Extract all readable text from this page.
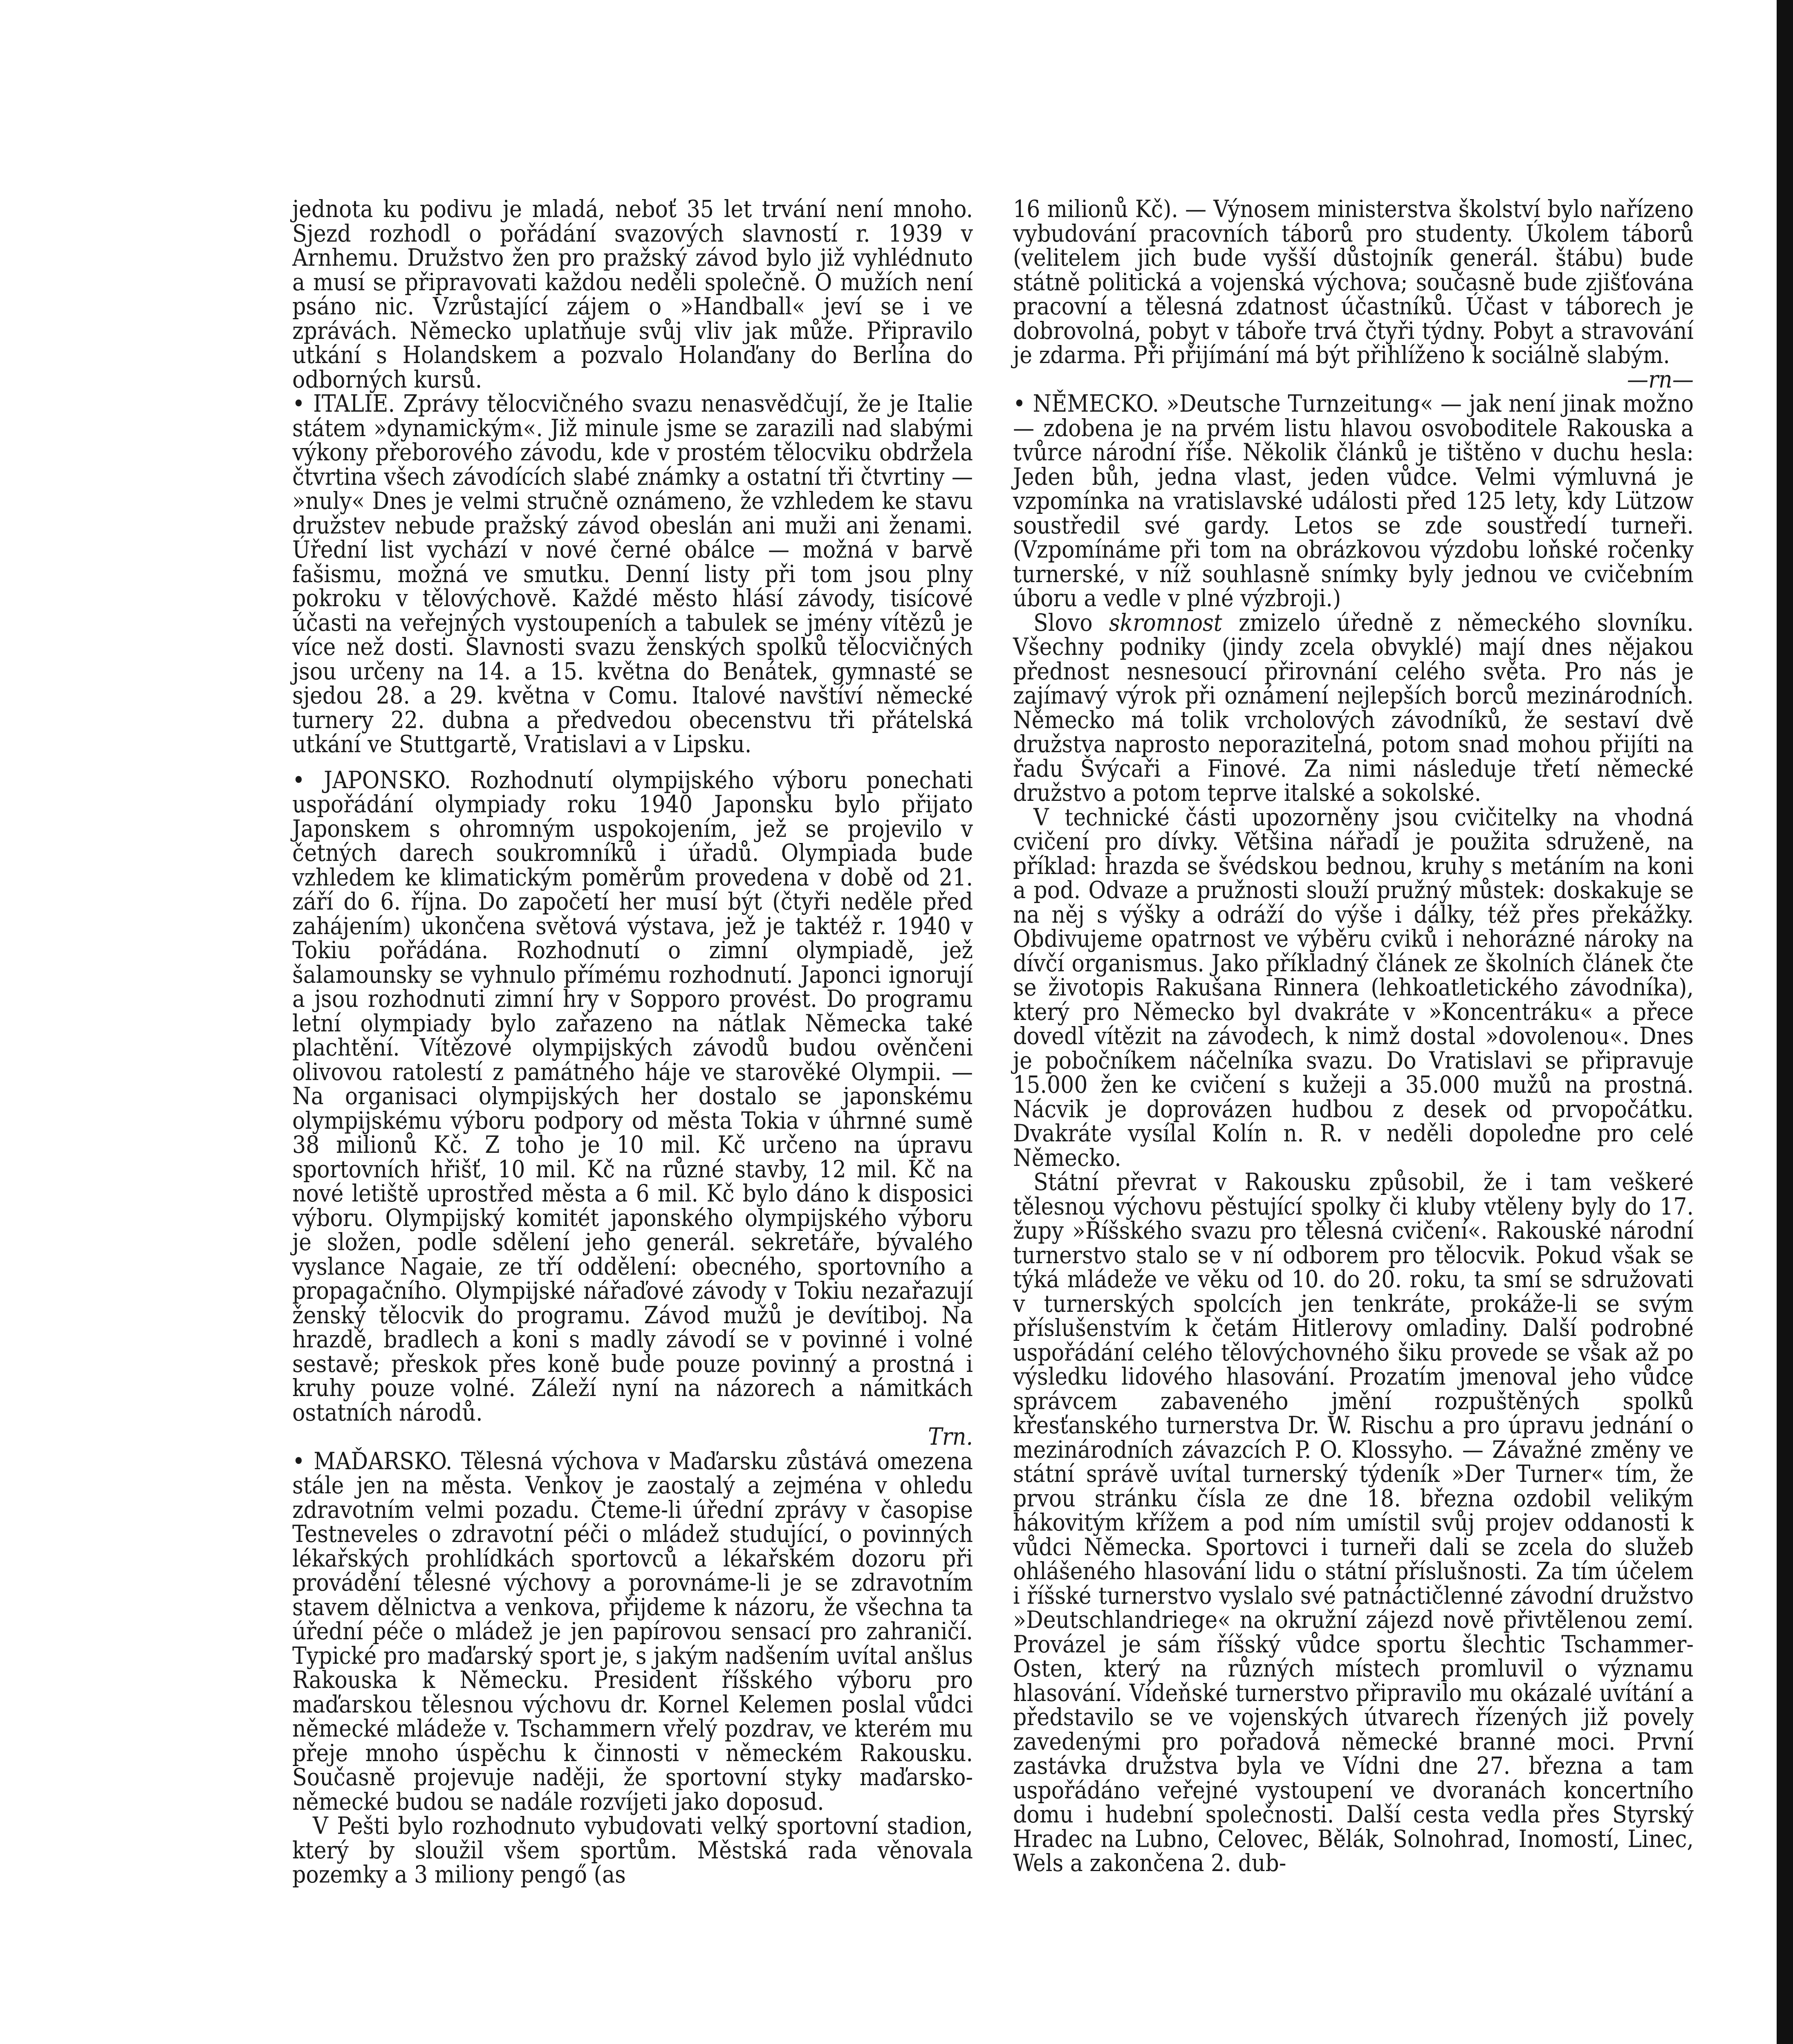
jednota ku podivu je mladá, neboť 35 let trvání není mnoho. Sjezd rozhodl o pořádání svazových slavností r. 1939 v Arnhemu. Družstvo žen pro pražský závod bylo již vyhlédnuto a musí se připravovati každou neděli společně. O mužích není psáno nic. Vzrůstající zájem o »Handball« jeví se i ve zprávách. Německo uplatňuje svůj vliv jak může. Připravilo utkání s Holandskem a pozvalo Holanďany do Berlína do odborných kursů.

• ITALIE. Zprávy tělocvičného svazu nenasvědčují, že je Italie státem »dynamickým«. Již minule jsme se zarazili nad slabými výkony přeborového závodu, kde v prostém tělocviku obdržela čtvrtina všech závodících slabé známky a ostatní tři čtvrtiny — »nuly« Dnes je velmi stručně oznámeno, že vzhledem ke stavu družstev nebude pražský závod obeslán ani muži ani ženami. Úřední list vychází v nové černé obálce — možná v barvě fašismu, možná ve smutku. Denní listy při tom jsou plny pokroku v tělovýchově. Každé město hlásí závody, tisícové účasti na veřejných vystoupeních a tabulek se jmény vítězů je více než dosti. Slavnosti svazu ženských spolků tělocvičných jsou určeny na 14. a 15. května do Benátek, gymnasté se sjedou 28. a 29. května v Comu. Italové navštíví německé turnery 22. dubna a předvedou obecenstvu tři přátelská utkání ve Stuttgartě, Vratislavi a v Lipsku.

• JAPONSKO. Rozhodnutí olympijského výboru ponechati uspořádání olympiady roku 1940 Japonsku bylo přijato Japonskem s ohromným uspokojením, jež se projevilo v četných darech soukromníků i úřadů. Olympiada bude vzhledem ke klimatickým poměrům provedena v době od 21. září do 6. října. Do započetí her musí být (čtyři neděle před zahájením) ukončena světová výstava, jež je taktéž r. 1940 v Tokiu pořádána. Rozhodnutí o zimní olympiadě, jež šalamounsky se vyhnulo přímému rozhodnutí. Japonci ignorují a jsou rozhodnuti zimní hry v Sopporo provést. Do programu letní olympiady bylo zařazeno na nátlak Německa také plachtění. Vítězové olympijských závodů budou ověnčeni olivovou ratolestí z památného háje ve starověké Olympii. — Na organisaci olympijských her dostalo se japonskému olympijskému výboru podpory od města Tokia v úhrnné sumě 38 milionů Kč. Z toho je 10 mil. Kč určeno na úpravu sportovních hřišť, 10 mil. Kč na různé stavby, 12 mil. Kč na nové letiště uprostřed města a 6 mil. Kč bylo dáno k disposici výboru. Olympijský komitét japonského olympijského výboru je složen, podle sdělení jeho generál. sekretáře, bývalého vyslance Nagaie, ze tří oddělení: obecného, sportovního a propagačního. Olympijské nářaďové závody v Tokiu nezařazují ženský tělocvik do programu. Závod mužů je devítiboj. Na hrazdě, bradlech a koni s madly závodí se v povinné i volné sestavě; přeskok přes koně bude pouze povinný a prostná i kruhy pouze volné. Záleží nyní na názorech a námitkách ostatních národů.
Trn.

• MAĎARSKO. Tělesná výchova v Maďarsku zůstává omezena stále jen na města. Venkov je zaostalý a zejména v ohledu zdravotním velmi pozadu. Čteme-li úřední zprávy v časopise Testneveles o zdravotní péči o mládež studující, o povinných lékařských prohlídkách sportovců a lékařském dozoru při provádění tělesné výchovy a porovnáme-li je se zdravotním stavem dělnictva a venkova, přijdeme k názoru, že všechna ta úřední péče o mládež je jen papírovou sensací pro zahraničí. Typické pro maďarský sport je, s jakým nadšením uvítal anšlus Rakouska k Německu. President říšského výboru pro maďarskou tělesnou výchovu dr. Kornel Kelemen poslal vůdci německé mládeže v. Tschammern vřelý pozdrav, ve kterém mu přeje mnoho úspěchu k činnosti v německém Rakousku. Současně projevuje naději, že sportovní styky maďarsko-německé budou se nadále rozvíjeti jako doposud.

V Pešti bylo rozhodnuto vybudovati velký sportovní stadion, který by sloužil všem sportům. Městská rada věnovala pozemky a 3 miliony pengő (as

16 milionů Kč). — Výnosem ministerstva školství bylo nařízeno vybudování pracovních táborů pro studenty. Úkolem táborů (velitelem jich bude vyšší důstojník generál. štábu) bude státně politická a vojenská výchova; současně bude zjišťována pracovní a tělesná zdatnost účastníků. Účast v táborech je dobrovolná, pobyt v táboře trvá čtyři týdny. Pobyt a stravování je zdarma. Při přijímání má být přihlíženo k sociálně slabým.
—rn—

• NĚMECKO. »Deutsche Turnzeitung« — jak není jinak možno — zdobena je na prvém listu hlavou osvoboditele Rakouska a tvůrce národní říše. Několik článků je tištěno v duchu hesla: Jeden bůh, jedna vlast, jeden vůdce. Velmi výmluvná je vzpomínka na vratislavské události před 125 lety, kdy Lützow soustředil své gardy. Letos se zde soustředí turneři. (Vzpomínáme při tom na obrázkovou výzdobu loňské ročenky turnerské, v níž souhlasně snímky byly jednou ve cvičebním úboru a vedle v plné výzbroji.)

Slovo skromnost zmizelo úředně z německého slovníku. Všechny podniky (jindy zcela obvyklé) mají dnes nějakou přednost nesnesoucí přirovnání celého světa. Pro nás je zajímavý výrok při oznámení nejlepších borců mezinárodních. Německo má tolik vrcholových závodníků, že sestaví dvě družstva naprosto neporazitelná, potom snad mohou přijíti na řadu Švýcaři a Finové. Za nimi následuje třetí německé družstvo a potom teprve italské a sokolské.

V technické části upozorněny jsou cvičitelky na vhodná cvičení pro dívky. Většina nářadí je použita sdruženě, na příklad: hrazda se švédskou bednou, kruhy s metáním na koni a pod. Odvaze a pružnosti slouží pružný můstek: doskakuje se na něj s výšky a odráží do výše i dálky, též přes překážky. Obdivujeme opatrnost ve výběru cviků i nehorázné nároky na dívčí organismus. Jako příkladný článek ze školních článek čte se životopis Rakušana Rinnera (lehkoatletického závodníka), který pro Německo byl dvakráte v »Koncentráku« a přece dovedl vítězit na závodech, k nimž dostal »dovolenou«. Dnes je pobočníkem náčelníka svazu. Do Vratislavi se připravuje 15.000 žen ke cvičení s kužeji a 35.000 mužů na prostná. Nácvik je doprovázen hudbou z desek od prvopočátku. Dvakráte vysílal Kolín n. R. v neděli dopoledne pro celé Německo.

Státní převrat v Rakousku způsobil, že i tam veškeré tělesnou výchovu pěstující spolky či kluby vtěleny byly do 17. župy »Říšského svazu pro tělesná cvičení«. Rakouské národní turnerstvo stalo se v ní odborem pro tělocvik. Pokud však se týká mládeže ve věku od 10. do 20. roku, ta smí se sdružovati v turnerských spolcích jen tenkráte, prokáže-li se svým příslušenstvím k četám Hitlerovy omladiny. Další podrobné uspořádání celého tělovýchovného šiku provede se však až po výsledku lidového hlasování. Prozatím jmenoval jeho vůdce správcem zabaveného jmění rozpuštěných spolků křesťanského turnerstva Dr. W. Rischu a pro úpravu jednání o mezinárodních závazcích P. O. Klossyho. — Závažné změny ve státní správě uvítal turnerský týdeník »Der Turner« tím, že prvou stránku čísla ze dne 18. března ozdobil velikým hákovitým křížem a pod ním umístil svůj projev oddanosti k vůdci Německa. Sportovci i turneři dali se zcela do služeb ohlášeného hlasování lidu o státní příslušnosti. Za tím účelem i říšské turnerstvo vyslalo své patnáctičlenné závodní družstvo »Deutschlandriege« na okružní zájezd nově přivtělenou zemí. Provázel je sám říšský vůdce sportu šlechtic Tschammer-Osten, který na různých místech promluvil o významu hlasování. Vídeňské turnerstvo připravilo mu okázalé uvítání a představilo se ve vojenských útvarech řízených již povely zavedenými pro pořadová německé branné moci. První zastávka družstva byla ve Vídni dne 27. března a tam uspořádáno veřejné vystoupení ve dvoranách koncertního domu i hudební společnosti. Další cesta vedla přes Styrský Hradec na Lubno, Celovec, Bělák, Solnohrad, Inomostí, Linec, Wels a zakončena 2. dub-
